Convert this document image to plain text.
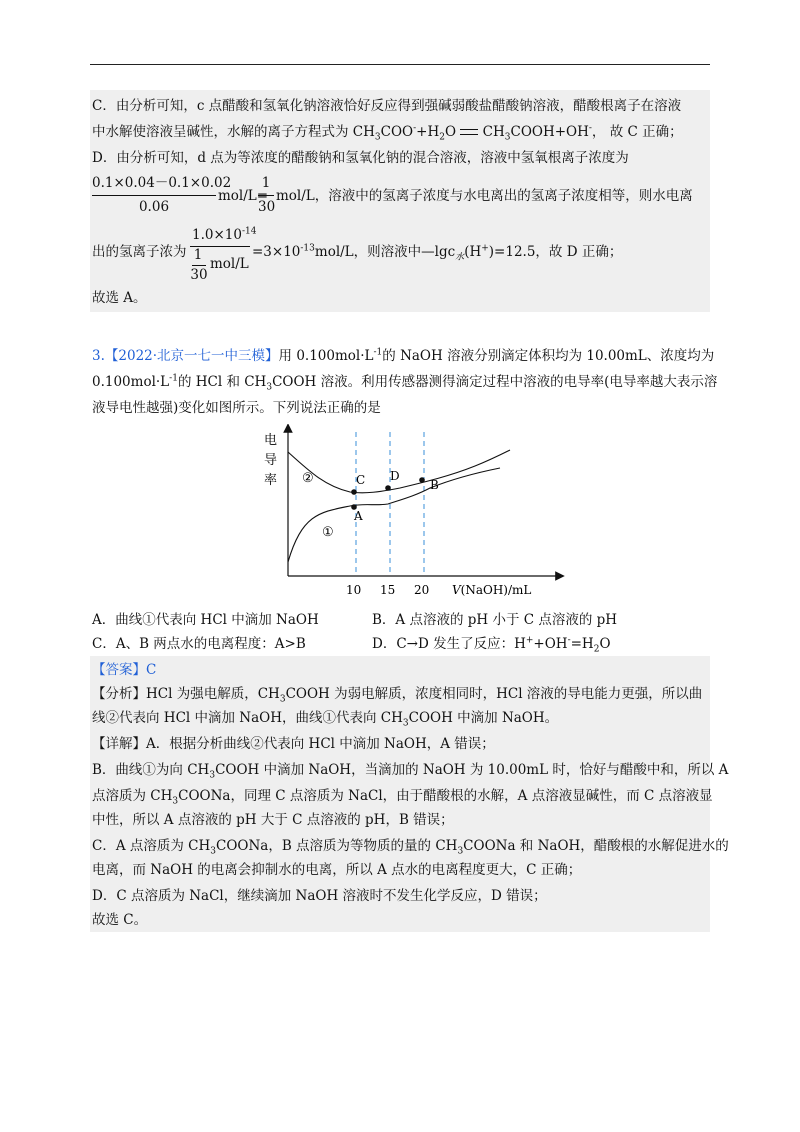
C．由分析可知，c 点醋酸和氢氧化钠溶液恰好反应得到强碱弱酸盐醋酸钠溶液，醋酸根离子在溶液
中水解使溶液呈碱性，水解的离子方程式为 $CH_3COO^-+H_2O$
$CH_3COOH+OH^-$， 故 C 正确；
D．由分析可知，d 点为等浓度的醋酸钠和氢氧化钠的混合溶液，溶液中氢氧根离子浓度为
0.1×0.04－0.1×0.02
0.06
mol/L=
1
30
mol/L，溶液中的氢离子浓度与水电离出的氢离子浓度相等，则水电离
出的氢离子浓为
$1.0\times 10^{-14}$
1
30
mol/L
$=3\times 10^{-13}mol/L$，则溶液中—lgc$_水$(H+)=12.5，故 D 正确；
故选 A。
3.【2022·北京一七一中三模】用 $0.100mol\cdot L^{-1}$的 NaOH 溶液分别滴定体积均为 10.00mL、浓度均为
$0.100mol\cdot L^{-1}$的 HCl 和 $CH_3COOH$ 溶液。利用传感器测得滴定过程中溶液的电导率(电导率越大表示溶
液导电性越强)变化如图所示。下列说法正确的是
电
导
率 ②
①
C
A
D
B
10 15 20 V(NaOH)/mL
A．曲线①代表向 HCl 中滴加 NaOH	B．A 点溶液的 pH 小于 C 点溶液的 pH
C．A、B 两点水的电离程度：A>B	D．C→D 发生了反应：$H^++OH^-=H_2O$
【答案】C
【分析】HCl 为强电解质，$CH_3COOH$ 为弱电解质，浓度相同时，HCl 溶液的导电能力更强，所以曲
线②代表向 HCl 中滴加 NaOH，曲线①代表向 $CH_3COOH$ 中滴加 NaOH。
【详解】A．根据分析曲线②代表向 HCl 中滴加 NaOH，A 错误；
B．曲线①为向 $CH_3COOH$ 中滴加 NaOH，当滴加的 NaOH 为 10.00mL 时，恰好与醋酸中和，所以 A
点溶质为 $CH_3COONa$，同理 C 点溶质为 NaCl，由于醋酸根的水解，A 点溶液显碱性，而 C 点溶液显
中性，所以 A 点溶液的 pH 大于 C 点溶液的 pH，B 错误；
C．A 点溶质为 $CH_3COONa$，B 点溶质为等物质的量的 $CH_3COONa$ 和 NaOH，醋酸根的水解促进水的
电离，而 NaOH 的电离会抑制水的电离，所以 A 点水的电离程度更大，C 正确；
D．C 点溶质为 NaCl，继续滴加 NaOH 溶液时不发生化学反应，D 错误；
故选 C。
